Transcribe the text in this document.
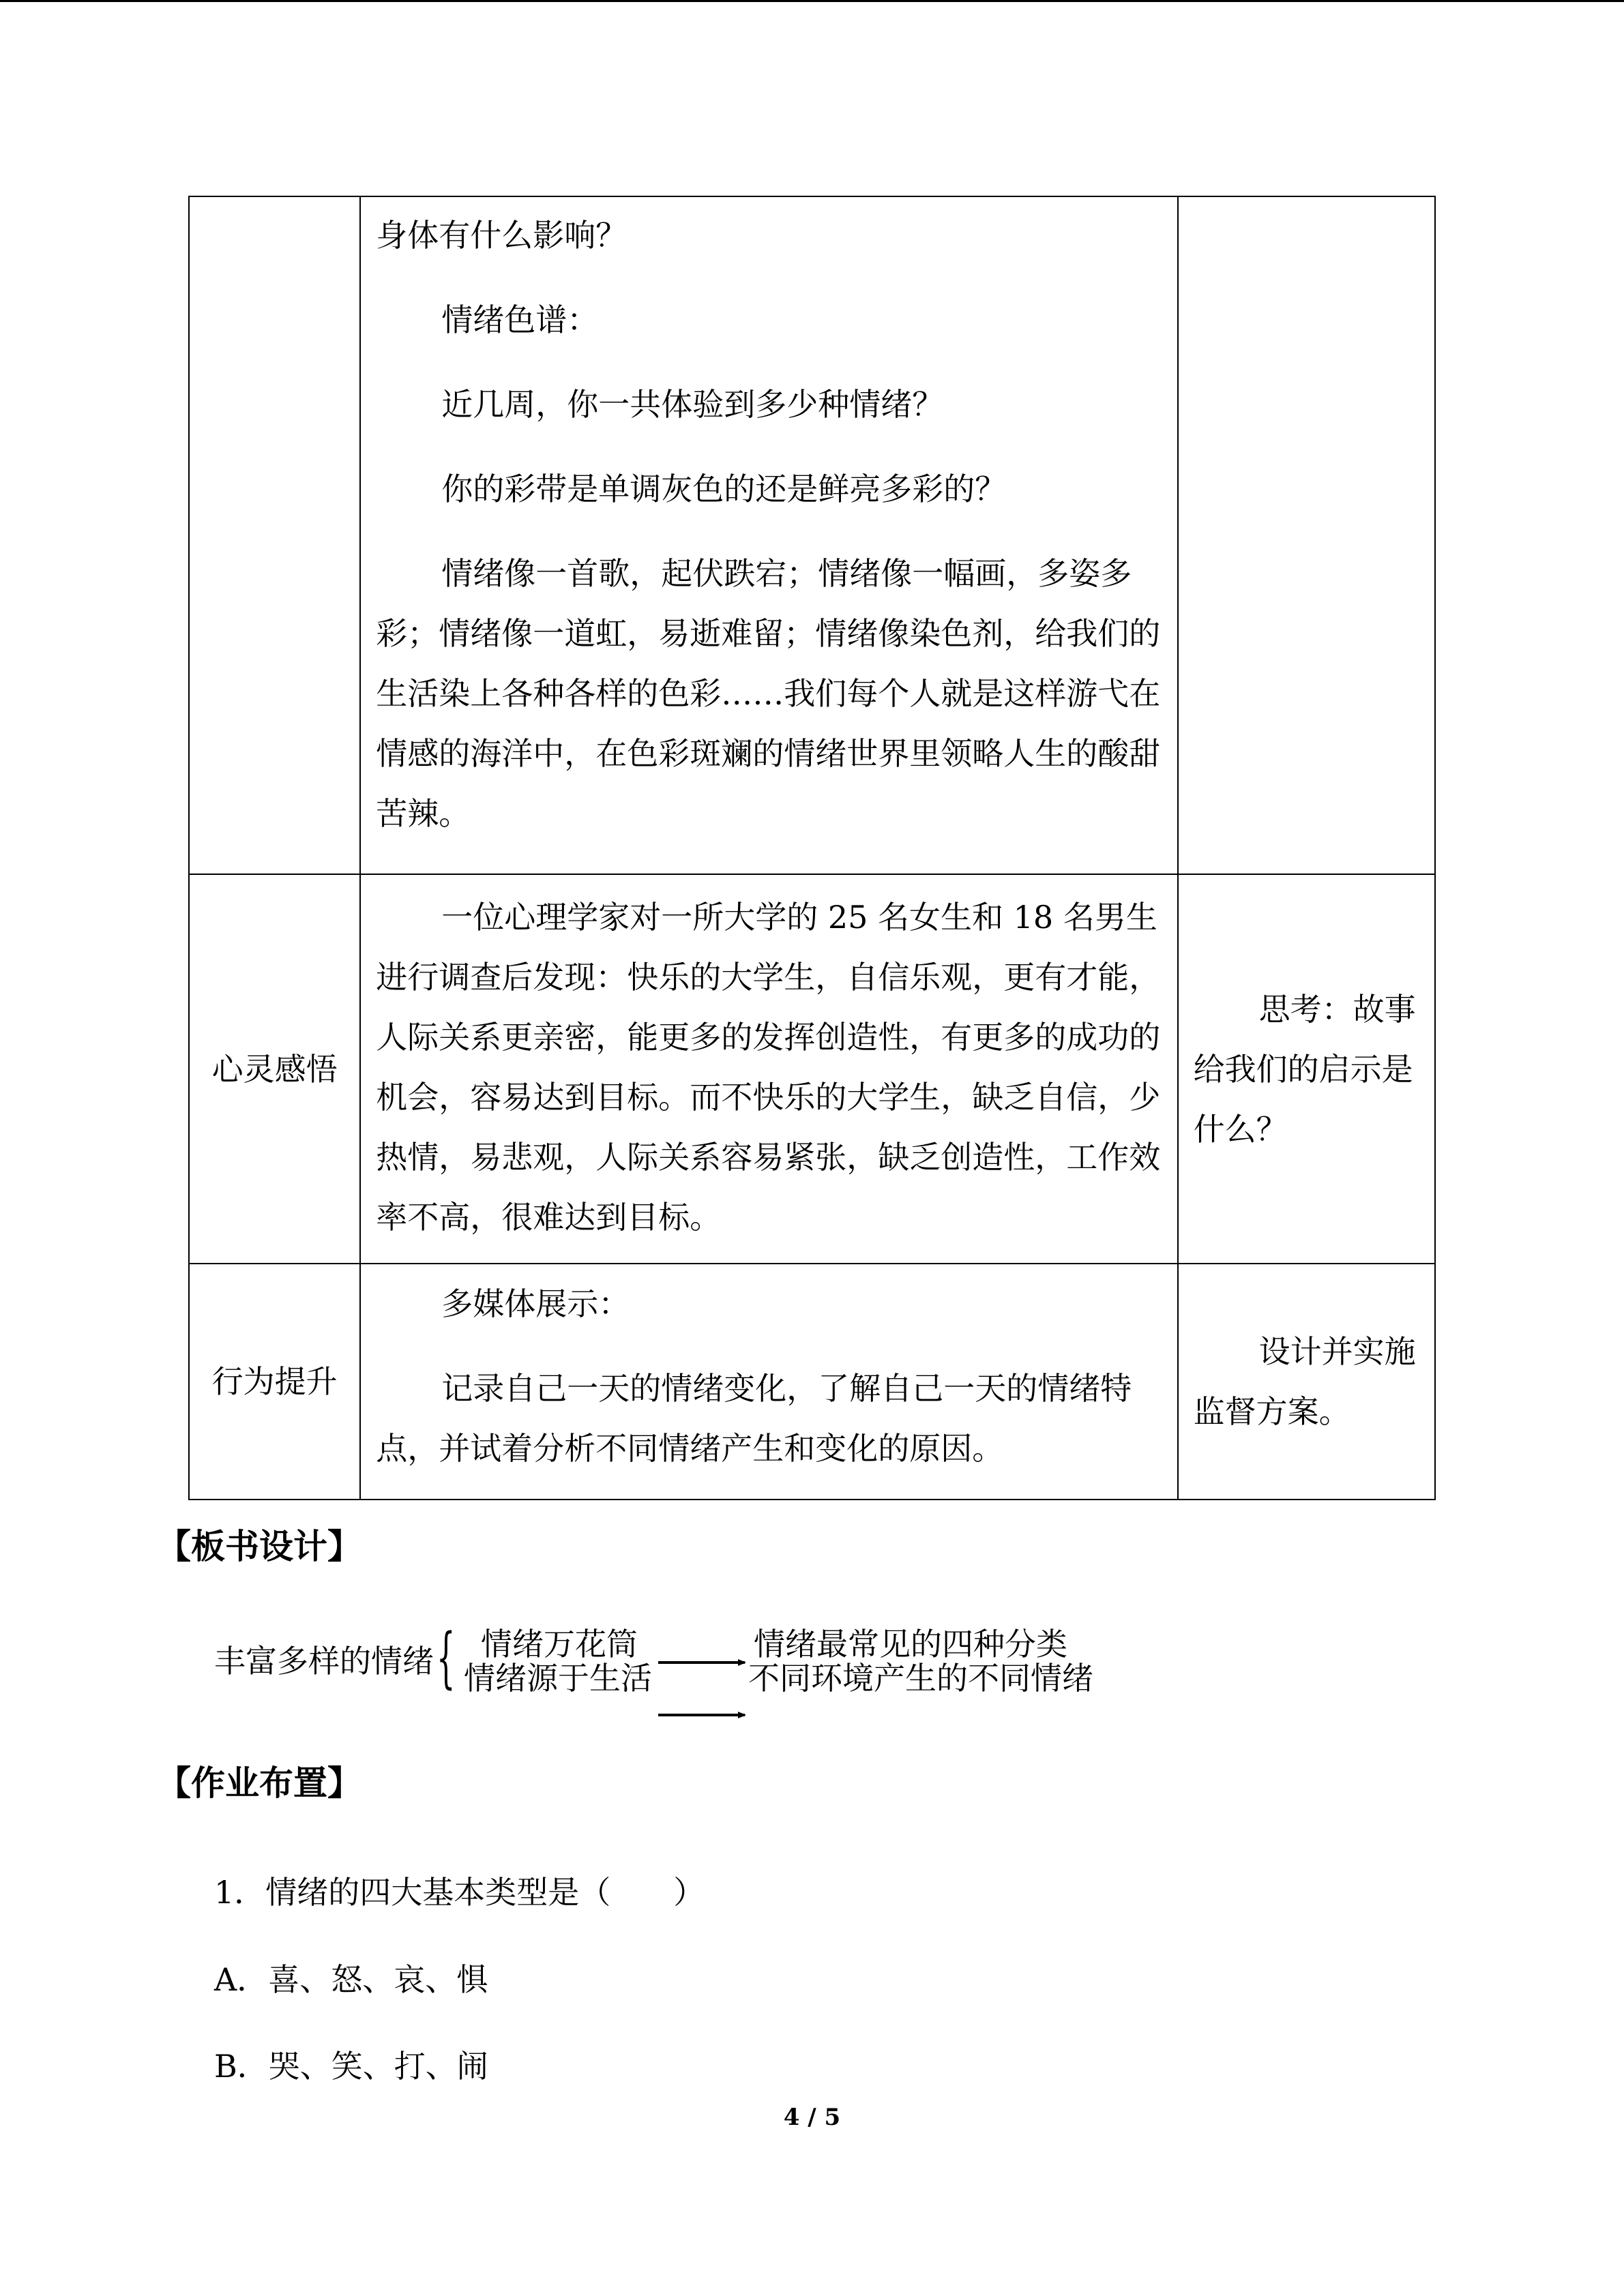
	身体有什么影响？

情绪色谱：

近几周，你一共体验到多少种情绪？

你的彩带是单调灰色的还是鲜亮多彩的？

情绪像一首歌，起伏跌宕；情绪像一幅画，多姿多彩；情绪像一道虹，易逝难留；情绪像染色剂，给我们的生活染上各种各样的色彩……我们每个人就是这样游弋在情感的海洋中，在色彩斑斓的情绪世界里领略人生的酸甜苦辣。	

心灵感悟	一位心理学家对一所大学的 25 名女生和 18 名男生进行调查后发现：快乐的大学生，自信乐观，更有才能，人际关系更亲密，能更多的发挥创造性，有更多的成功的机会，容易达到目标。而不快乐的大学生，缺乏自信，少热情，易悲观，人际关系容易紧张，缺乏创造性，工作效率不高，很难达到目标。	思考：故事给我们的启示是什么？

行为提升	多媒体展示：

记录自己一天的情绪变化，了解自己一天的情绪特点，并试着分析不同情绪产生和变化的原因。	设计并实施监督方案。

【板书设计】
丰富多样的情绪 { 情绪万花筒
情绪源于生活
情绪最常见的四种分类
不同环境产生的不同情绪
【作业布置】
1．情绪的四大基本类型是（　　）
A．喜、怒、哀、惧
B．哭、笑、打、闹
4 / 5
